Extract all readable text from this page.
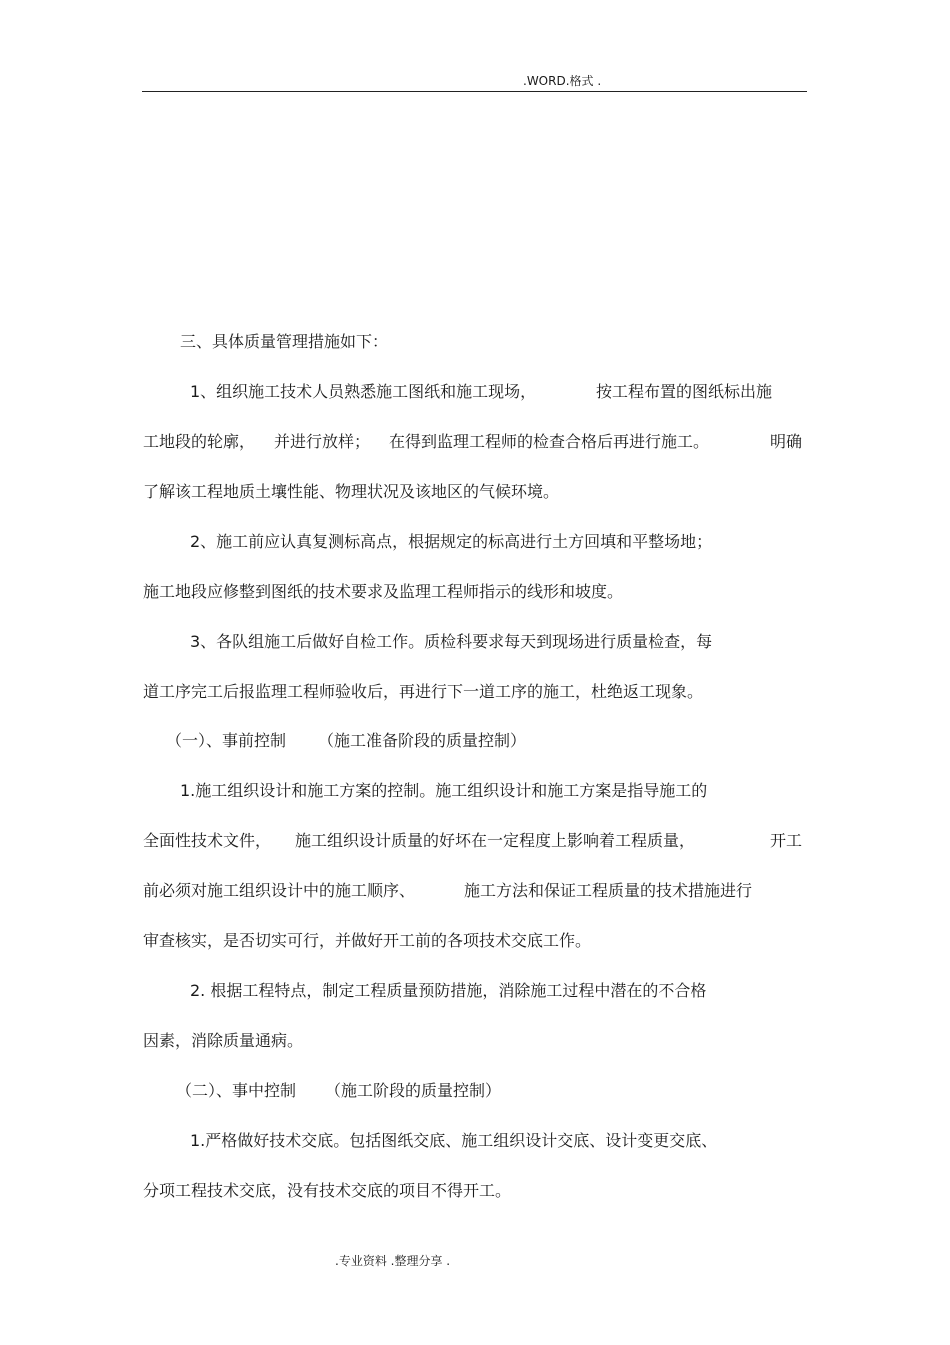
.WORD.格式 .
三、具体质量管理措施如下：
1、组织施工技术人员熟悉施工图纸和施工现场，	按工程布置的图纸标出施
工地段的轮廓， 并进行放样； 在得到监理工程师的检查合格后再进行施工。	明确
了解该工程地质土壤性能、物理状况及该地区的气候环境。
2、施工前应认真复测标高点，根据规定的标高进行土方回填和平整场地；
施工地段应修整到图纸的技术要求及监理工程师指示的线形和坡度。
3、各队组施工后做好自检工作。质检科要求每天到现场进行质量检查，每
道工序完工后报监理工程师验收后，再进行下一道工序的施工，杜绝返工现象。
（一）、事前控制 （施工准备阶段的质量控制）
1.施工组织设计和施工方案的控制。施工组织设计和施工方案是指导施工的
全面性技术文件， 施工组织设计质量的好坏在一定程度上影响着工程质量，	开工
前必须对施工组织设计中的施工顺序、	施工方法和保证工程质量的技术措施进行
审查核实，是否切实可行，并做好开工前的各项技术交底工作。
2. 根据工程特点，制定工程质量预防措施，消除施工过程中潜在的不合格
因素，消除质量通病。
（二）、事中控制 （施工阶段的质量控制）
1.严格做好技术交底。包括图纸交底、施工组织设计交底、设计变更交底、
分项工程技术交底，没有技术交底的项目不得开工。
.专业资料 .整理分享 .
